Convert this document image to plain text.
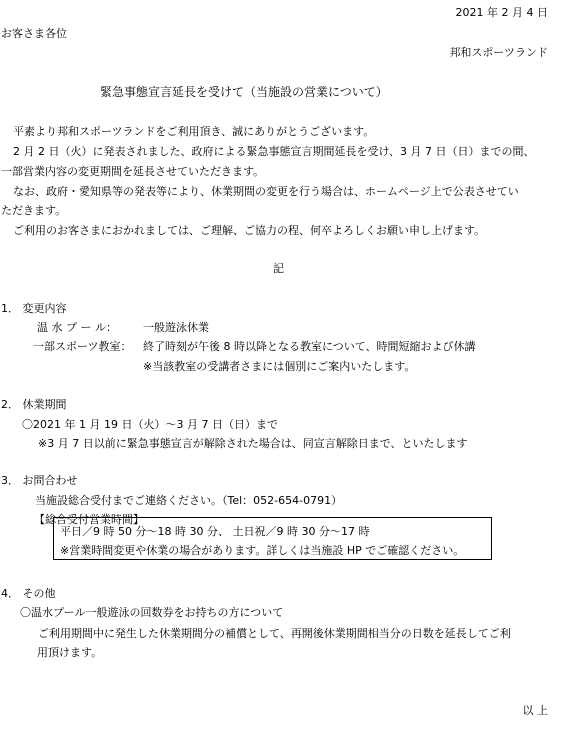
2021 年 2 月 4 日
お客さま各位
邦和スポーツランド
緊急事態宣言延長を受けて（当施設の営業について）
平素より邦和スポーツランドをご利用頂き、誠にありがとうございます。
2 月 2 日（火）に発表されました、政府による緊急事態宣言期間延長を受け、3 月 7 日（日）までの間、
一部営業内容の変更期間を延長させていただきます。
なお、政府・愛知県等の発表等により、休業期間の変更を行う場合は、ホームページ上で公表させてい
ただきます。
ご利用のお客さまにおかれましては、ご理解、ご協力の程、何卒よろしくお願い申し上げます。
記
1． 変更内容
温 水 プ ー ル： 一般遊泳休業
一部スポーツ教室： 終了時刻が午後 8 時以降となる教室について、時間短縮および休講
※当該教室の受講者さまには個別にご案内いたします。
2． 休業期間
〇2021 年 1 月 19 日（火）～3 月 7 日（日）まで
※3 月 7 日以前に緊急事態宣言が解除された場合は、同宣言解除日まで、といたします
3． お問合わせ
当施設総合受付までご連絡ください。（Tel：052-654-0791）
【総合受付営業時間】
平日／9 時 50 分～18 時 30 分、 土日祝／9 時 30 分～17 時
※営業時間変更や休業の場合があります。詳しくは当施設 HP でご確認ください。
4． その他
〇温水プール一般遊泳の回数券をお持ちの方について
ご利用期間中に発生した休業期間分の補償として、再開後休業期間相当分の日数を延長してご利
用頂けます。
以 上
